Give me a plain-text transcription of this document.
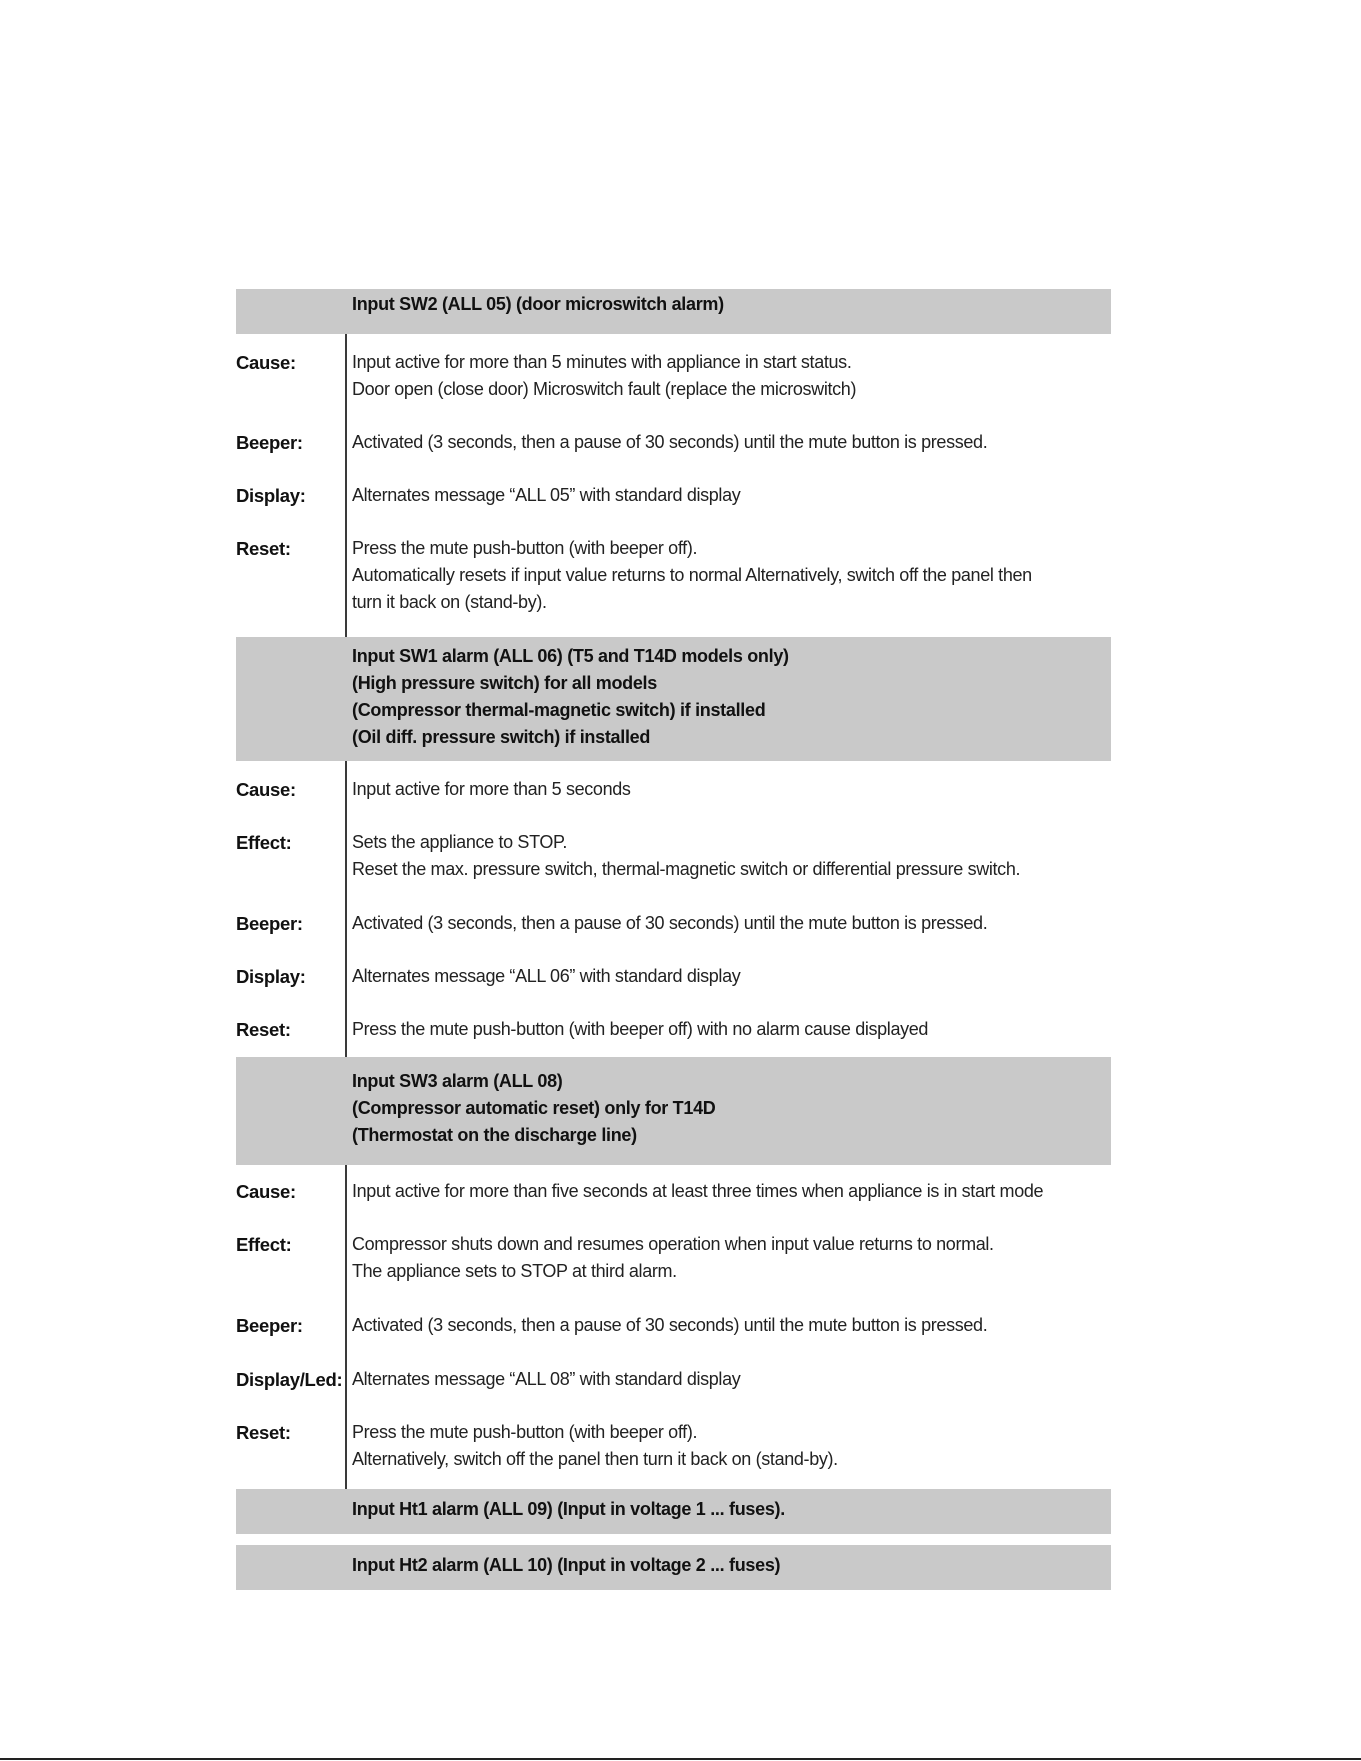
Input SW2 (ALL 05) (door microswitch alarm)
Cause:	Input active for more than 5 minutes with appliance in start status.
Door open (close door) Microswitch fault (replace the microswitch)
Beeper:	Activated (3 seconds, then a pause of 30 seconds) until the mute button is pressed.
Display:	Alternates message “ALL 05” with standard display
Reset:	Press the mute push-button (with beeper off).
Automatically resets if input value returns to normal Alternatively, switch off the panel then
turn it back on (stand-by).
Input SW1 alarm (ALL 06) (T5 and T14D models only)
(High pressure switch) for all models
(Compressor thermal-magnetic switch) if installed
(Oil diff. pressure switch) if installed
Cause:	Input active for more than 5 seconds
Effect:	Sets the appliance to STOP.
Reset the max. pressure switch, thermal-magnetic switch or differential pressure switch.
Beeper:	Activated (3 seconds, then a pause of 30 seconds) until the mute button is pressed.
Display:	Alternates message “ALL 06” with standard display
Reset:	Press the mute push-button (with beeper off) with no alarm cause displayed
Input SW3 alarm (ALL 08)
(Compressor automatic reset) only for T14D
(Thermostat on the discharge line)
Cause:	Input active for more than five seconds at least three times when appliance is in start mode
Effect:	Compressor shuts down and resumes operation when input value returns to normal.
The appliance sets to STOP at third alarm.
Beeper:	Activated (3 seconds, then a pause of 30 seconds) until the mute button is pressed.
Display/Led: Alternates message “ALL 08” with standard display
Reset:	Press the mute push-button (with beeper off).
Alternatively, switch off the panel then turn it back on (stand-by).
Input Ht1 alarm (ALL 09) (Input in voltage 1 ... fuses).
Input Ht2 alarm (ALL 10) (Input in voltage 2 ... fuses)
